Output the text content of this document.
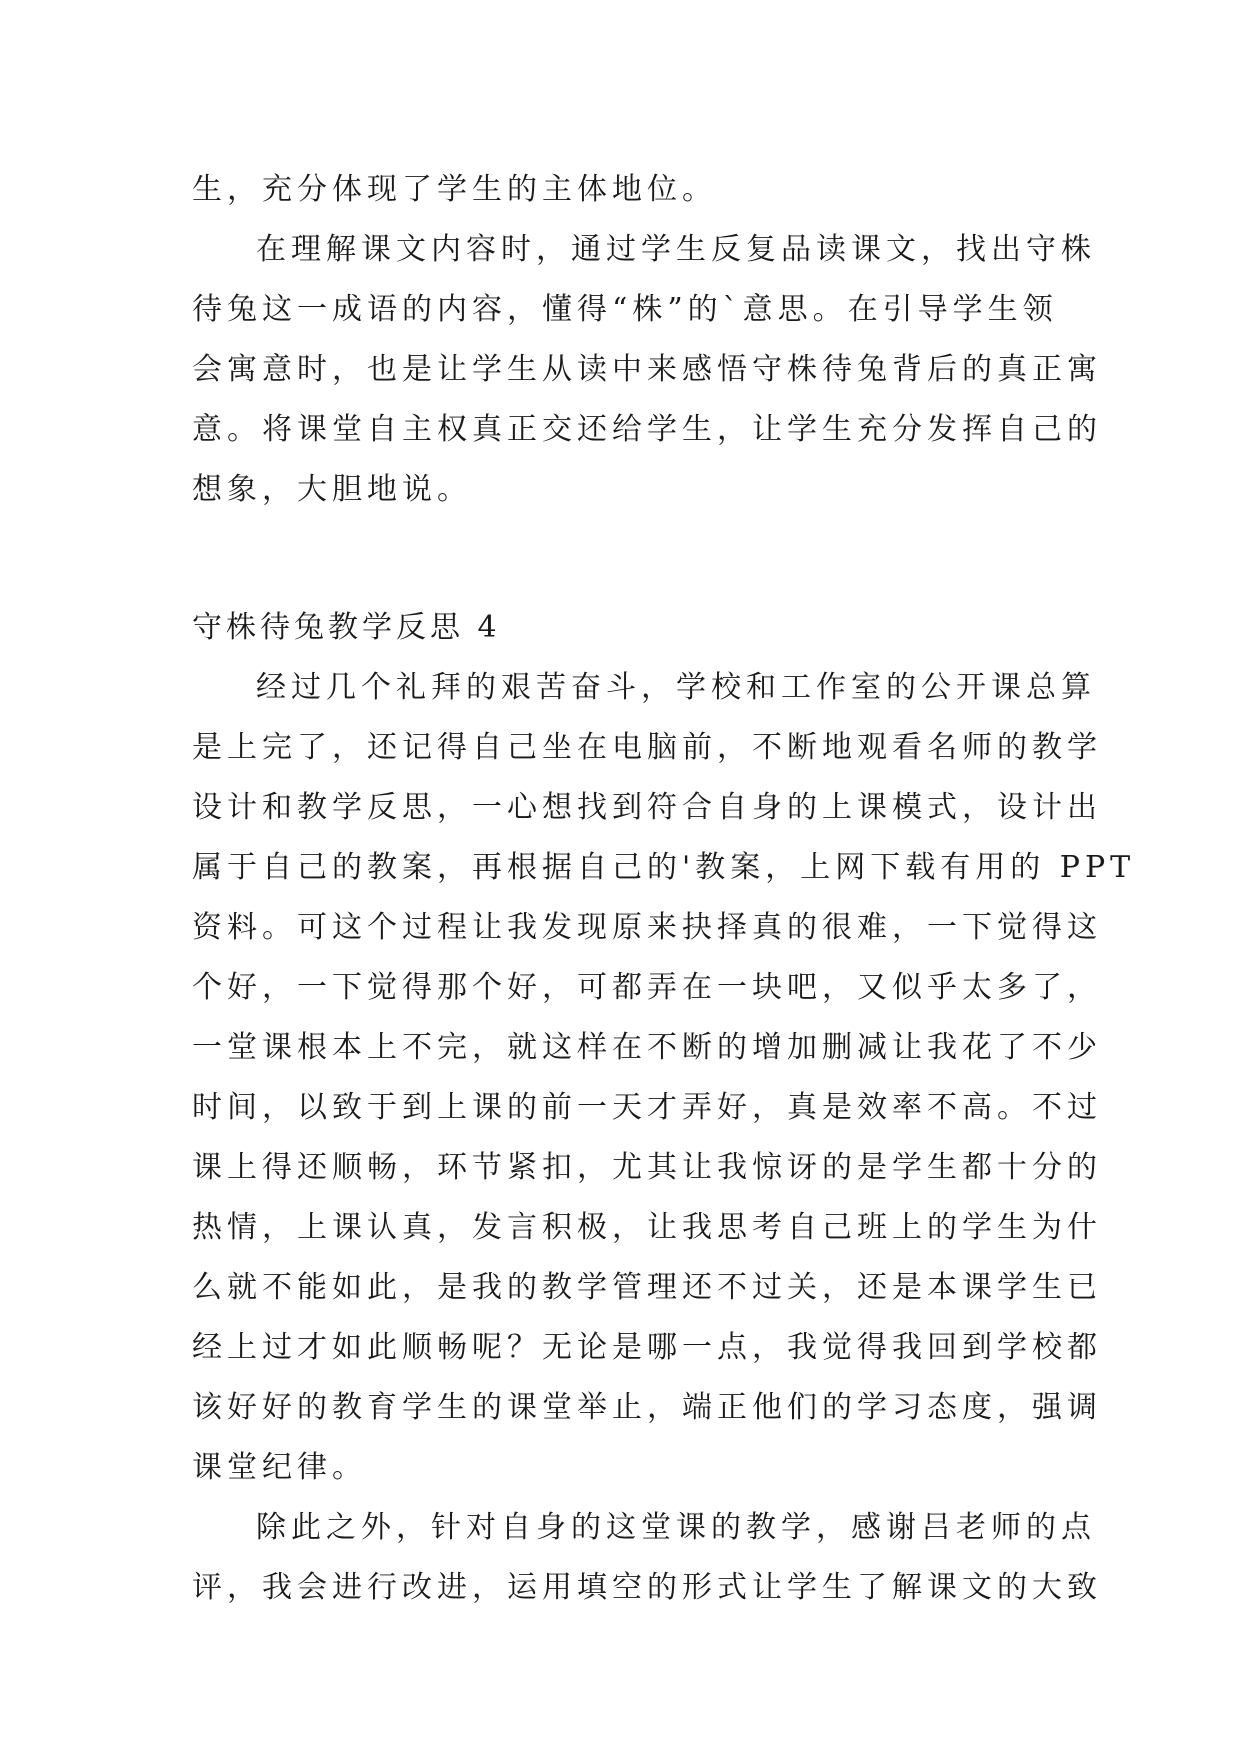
生，充分体现了学生的主体地位。
在理解课文内容时，通过学生反复品读课文，找出守株
待兔这一成语的内容，懂得“株”的`意思。在引导学生领
会寓意时，也是让学生从读中来感悟守株待兔背后的真正寓
意。将课堂自主权真正交还给学生，让学生充分发挥自己的
想象，大胆地说。
守株待兔教学反思 4
经过几个礼拜的艰苦奋斗，学校和工作室的公开课总算
是上完了，还记得自己坐在电脑前，不断地观看名师的教学
设计和教学反思，一心想找到符合自身的上课模式，设计出
属于自己的教案，再根据自己的'教案，上网下载有用的 PPT
资料。可这个过程让我发现原来抉择真的很难，一下觉得这
个好，一下觉得那个好，可都弄在一块吧，又似乎太多了，
一堂课根本上不完，就这样在不断的增加删减让我花了不少
时间，以致于到上课的前一天才弄好，真是效率不高。不过
课上得还顺畅，环节紧扣，尤其让我惊讶的是学生都十分的
热情，上课认真，发言积极，让我思考自己班上的学生为什
么就不能如此，是我的教学管理还不过关，还是本课学生已
经上过才如此顺畅呢？无论是哪一点，我觉得我回到学校都
该好好的教育学生的课堂举止，端正他们的学习态度，强调
课堂纪律。
除此之外，针对自身的这堂课的教学，感谢吕老师的点
评，我会进行改进，运用填空的形式让学生了解课文的大致
